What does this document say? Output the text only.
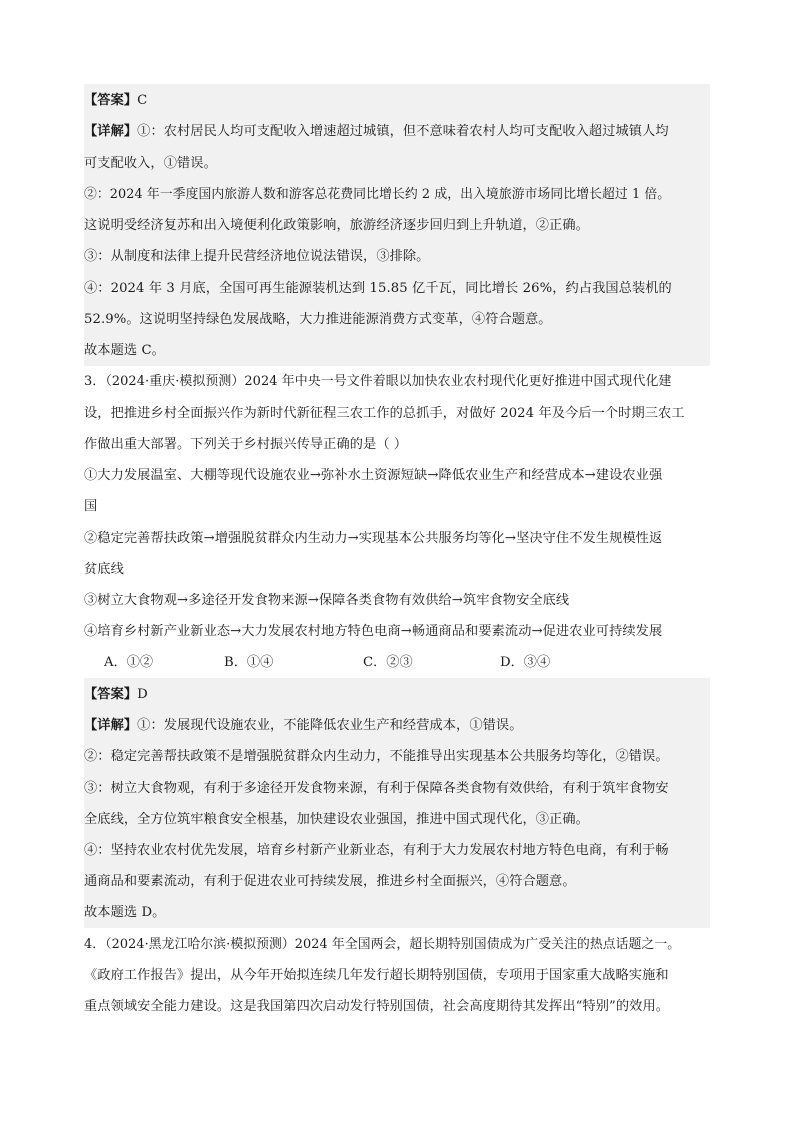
【答案】C
【详解】①：农村居民人均可支配收入增速超过城镇，但不意味着农村人均可支配收入超过城镇人均
可支配收入，①错误。
②：2024 年一季度国内旅游人数和游客总花费同比增长约 2 成，出入境旅游市场同比增长超过 1 倍。
这说明受经济复苏和出入境便利化政策影响，旅游经济逐步回归到上升轨道，②正确。
③：从制度和法律上提升民营经济地位说法错误，③排除。
④：2024 年 3 月底，全国可再生能源装机达到 15.85 亿千瓦，同比增长 26%，约占我国总装机的
52.9%。这说明坚持绿色发展战略，大力推进能源消费方式变革，④符合题意。
故本题选 C。
3．（2024·重庆·模拟预测）2024 年中央一号文件着眼以加快农业农村现代化更好推进中国式现代化建
设，把推进乡村全面振兴作为新时代新征程三农工作的总抓手，对做好 2024 年及今后一个时期三农工
作做出重大部署。下列关于乡村振兴传导正确的是（ ）
①大力发展温室、大棚等现代设施农业→弥补水土资源短缺→降低农业生产和经营成本→建设农业强
国
②稳定完善帮扶政策→增强脱贫群众内生动力→实现基本公共服务均等化→坚决守住不发生规模性返
贫底线
③树立大食物观→多途径开发食物来源→保障各类食物有效供给→筑牢食物安全底线
④培育乡村新产业新业态→大力发展农村地方特色电商→畅通商品和要素流动→促进农业可持续发展
A．①②	B．①④	C．②③	D．③④
【答案】D
【详解】①：发展现代设施农业，不能降低农业生产和经营成本，①错误。
②：稳定完善帮扶政策不是增强脱贫群众内生动力，不能推导出实现基本公共服务均等化，②错误。
③：树立大食物观，有利于多途径开发食物来源，有利于保障各类食物有效供给，有利于筑牢食物安
全底线，全方位筑牢粮食安全根基，加快建设农业强国，推进中国式现代化，③正确。
④：坚持农业农村优先发展，培育乡村新产业新业态，有利于大力发展农村地方特色电商，有利于畅
通商品和要素流动，有利于促进农业可持续发展，推进乡村全面振兴，④符合题意。
故本题选 D。
4．（2024·黑龙江哈尔滨·模拟预测）2024 年全国两会，超长期特别国债成为广受关注的热点话题之一。
《政府工作报告》提出，从今年开始拟连续几年发行超长期特别国债，专项用于国家重大战略实施和
重点领域安全能力建设。这是我国第四次启动发行特别国债，社会高度期待其发挥出“特别”的效用。
